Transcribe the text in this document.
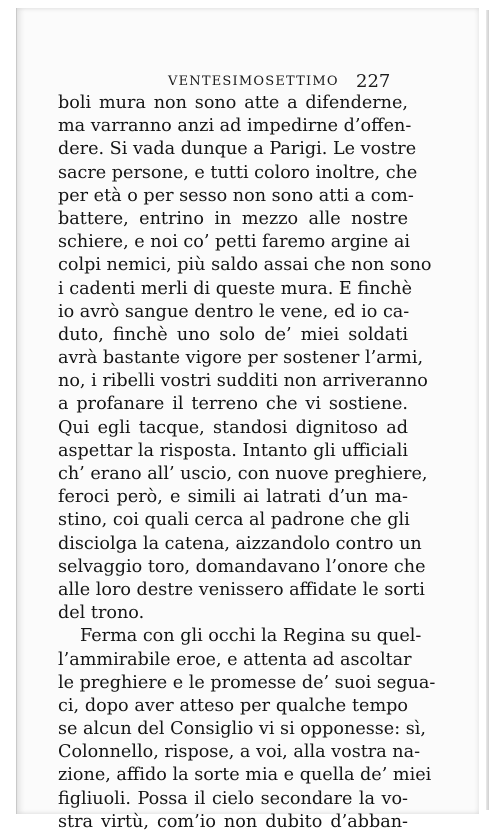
VENTESIMOSETTIMO 227
boli mura non sono atte a difenderne,
ma varranno anzi ad impedirne d’offen-
dere. Si vada dunque a Parigi. Le vostre
sacre persone, e tutti coloro inoltre, che
per età o per sesso non sono atti a com-
battere, entrino in mezzo alle nostre
schiere, e noi co’ petti faremo argine ai
colpi nemici, più saldo assai che non sono
i cadenti merli di queste mura. E finchè
io avrò sangue dentro le vene, ed io ca-
duto, finchè uno solo de’ miei soldati
avrà bastante vigore per sostener l’armi,
no, i ribelli vostri sudditi non arriveranno
a profanare il terreno che vi sostiene.
Qui egli tacque, standosi dignitoso ad
aspettar la risposta. Intanto gli ufficiali
ch’ erano all’ uscio, con nuove preghiere,
feroci però, e simili ai latrati d’un ma-
stino, coi quali cerca al padrone che gli
disciolga la catena, aizzandolo contro un
selvaggio toro, domandavano l’onore che
alle loro destre venissero affidate le sorti
del trono.
Ferma con gli occhi la Regina su quel-
l’ammirabile eroe, e attenta ad ascoltar
le preghiere e le promesse de’ suoi segua-
ci, dopo aver atteso per qualche tempo
se alcun del Consiglio vi si opponesse: sì,
Colonnello, rispose, a voi, alla vostra na-
zione, affido la sorte mia e quella de’ miei
figliuoli. Possa il cielo secondare la vo-
stra virtù, com’io non dubito d’abban-
